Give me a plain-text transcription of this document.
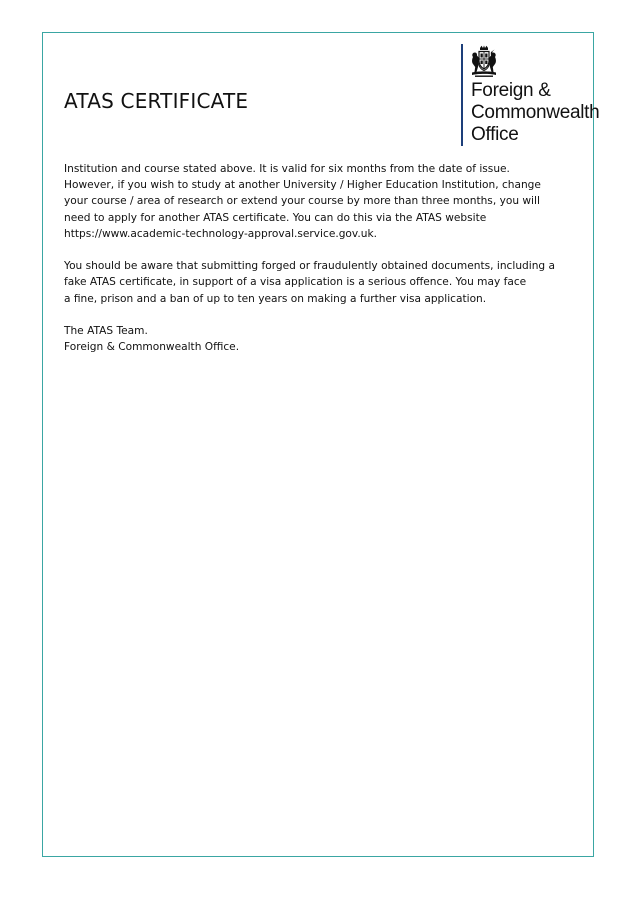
ATAS CERTIFICATE	Foreign &
Commonwealth
Office

Institution and course stated above. It is valid for six months from the date of issue.
However, if you wish to study at another University / Higher Education Institution, change
your course / area of research or extend your course by more than three months, you will
need to apply for another ATAS certificate. You can do this via the ATAS website
https://www.academic-technology-approval.service.gov.uk.

You should be aware that submitting forged or fraudulently obtained documents, including a
fake ATAS certificate, in support of a visa application is a serious offence. You may face
a fine, prison and a ban of up to ten years on making a further visa application.

The ATAS Team.
Foreign & Commonwealth Office.
